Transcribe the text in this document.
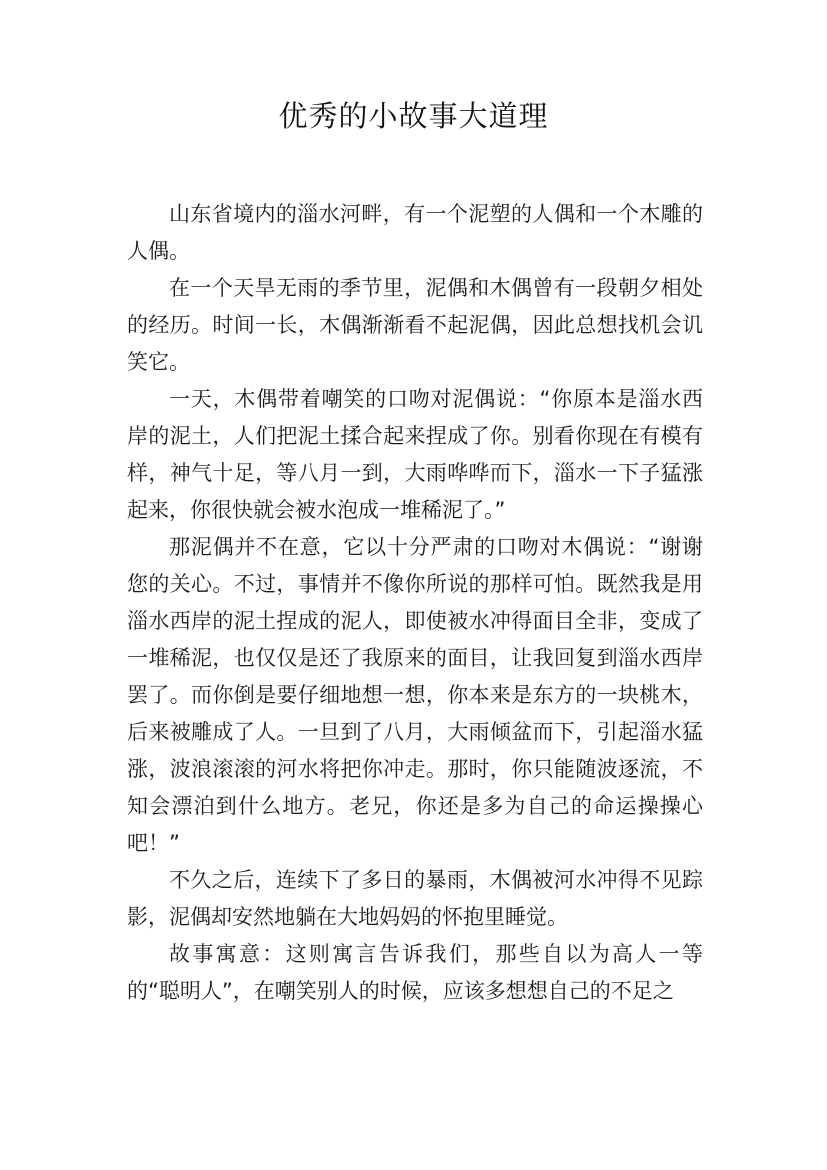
优秀的小故事大道理

山东省境内的淄水河畔，有一个泥塑的人偶和一个木雕的人偶。

在一个天旱无雨的季节里，泥偶和木偶曾有一段朝夕相处的经历。时间一长，木偶渐渐看不起泥偶，因此总想找机会讥笑它。

一天，木偶带着嘲笑的口吻对泥偶说：“你原本是淄水西岸的泥土，人们把泥土揉合起来捏成了你。别看你现在有模有样，神气十足，等八月一到，大雨哗哗而下，淄水一下子猛涨起来，你很快就会被水泡成一堆稀泥了。”

那泥偶并不在意，它以十分严肃的口吻对木偶说：“谢谢您的关心。不过，事情并不像你所说的那样可怕。既然我是用淄水西岸的泥土捏成的泥人，即使被水冲得面目全非，变成了一堆稀泥，也仅仅是还了我原来的面目，让我回复到淄水西岸罢了。而你倒是要仔细地想一想，你本来是东方的一块桃木，后来被雕成了人。一旦到了八月，大雨倾盆而下，引起淄水猛涨，波浪滚滚的河水将把你冲走。那时，你只能随波逐流，不知会漂泊到什么地方。老兄，你还是多为自己的命运操操心吧！”

不久之后，连续下了多日的暴雨，木偶被河水冲得不见踪影，泥偶却安然地躺在大地妈妈的怀抱里睡觉。

故事寓意：这则寓言告诉我们，那些自以为高人一等的“聪明人”，在嘲笑别人的时候，应该多想想自己的不足之
